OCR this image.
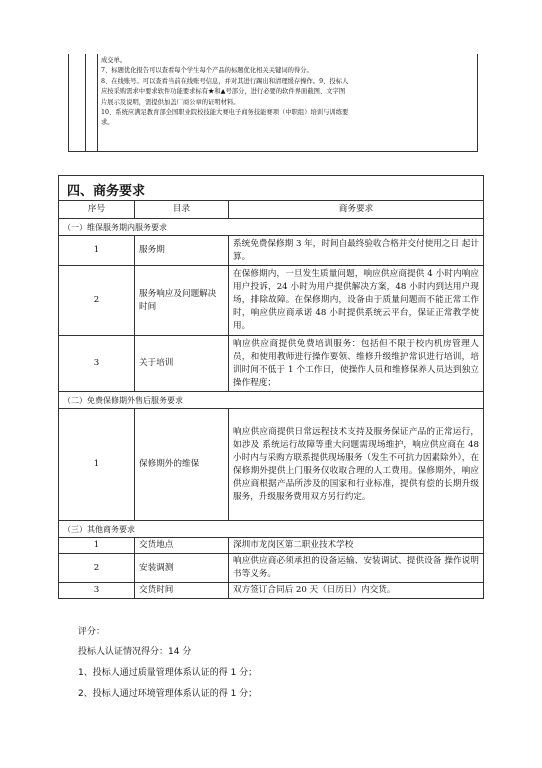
成交单。
7、标题优化报告可以查看每个学生每个产品的标题优化相关关键词的得分。
8、在线账号。可以查看当前在线账号信息，并对其进行踢出和清理缓存操作。9、投标人
应按采购需求中要求软件功能要求标有★和▲号部分，进行必要的软件界面截图、文字图
片展示及说明，需提供加盖厂商公章的证明材料。
10、系统应满足教育部全国职业院校技能大赛电子商务技能赛项（中职组）培训与训练要
求。
四、商务要求
序号	目录	商务要求
（一）维保服务期内服务要求		
1	服务期	系统免费保修期 3 年，时间自最终验收合格并交付使用之日 起计算。
2	服务响应及问题解决时间	在保修期内，一旦发生质量问题，响应供应商提供 4 小时内响应用户投诉，24 小时为用户提供解决方案，48 小时内到达用户现场，排除故障。在保修期内，设备由于质量问题而不能正常工作时，响应供应商承诺 48 小时提供系统云平台，保证正常教学使用。
3	关于培训	响应供应商提供免费培训服务：包括但不限于校内机房管理人员，和使用教师进行操作要领、维修升级维护常识进行培训，培训时间不低于 1 个工作日，使操作人员和维修保养人员达到独立操作程度；
（二）免费保修期外售后服务要求		
1	保修期外的维保	响应供应商提供日常远程技术支持及服务保证产品的正常运行，如涉及 系统运行故障等重大问题需现场维护，响应供应商在 48 小时内与采购方联系提供现场服务（发生不可抗力因素除外），在保修期外提供上门服务仅收取合理的人工费用。保修期外，响应供应商根据产品所涉及的国家和行业标准，提供有偿的长期升级服务，升级服务费用双方另行约定。
（三）其他商务要求		
1	交货地点	深圳市龙岗区第二职业技术学校
2	安装调测	响应供应商必须承担的设备运输、安装调试、提供设备 操作说明书等义务。
3	交货时间	双方签订合同后 20 天（日历日）内交货。
评分：
投标人认证情况得分：14 分
1、投标人通过质量管理体系认证的得 1 分；
2、投标人通过环境管理体系认证的得 1 分；
